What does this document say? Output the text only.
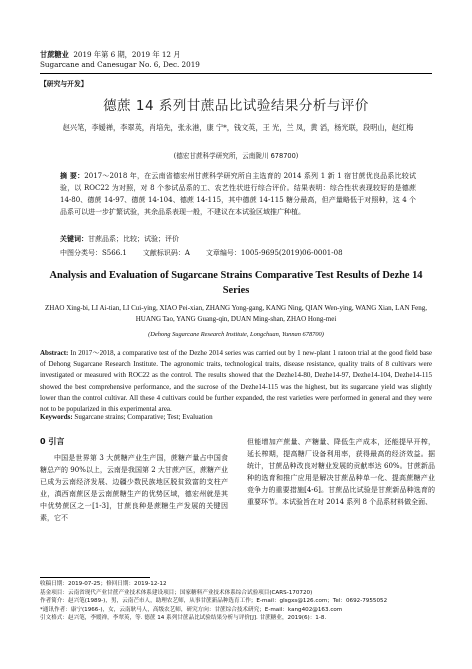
甘蔗糖业 2019 年第 6 期，2019 年 12 月
Sugarcane and Canesugar No. 6, Dec. 2019
【研究与开发】
德蔗 14 系列甘蔗品比试验结果分析与评价
赵兴笔，李嫒禅，李翠英，肖培先，张永港，康 宁*，钱文英，王 光，兰 凤，黄 滔，杨光联，段明山，赵红梅
(德宏甘蔗科学研究所，云南陇川 678700)
摘 要：2017～2018 年，在云南省德宏州甘蔗科学研究所自主选育的 2014 系列 1 新 1 宿甘蔗优良品系比较试验，以 ROC22 为对照，对 8 个参试品系的工、农艺性状进行综合评价。结果表明：综合性状表现较好的是德蔗 14-80、德蔗 14-97、德蔗 14-104、德蔗 14-115，其中德蔗 14-115 糖分最高，但产量略低于对照种，这 4 个品系可以进一步扩繁试验，其余品系表现一般，不建议在本试验区域推广种植。
关键词：甘蔗品系；比较；试验；评价
中图分类号：S566.1 文献标识码：A 文章编号：1005-9695(2019)06-0001-08
Analysis and Evaluation of Sugarcane Strains Comparative Test Results of Dezhe 14 Series
ZHAO Xing-bi, LI Ai-tian, LI Cui-ying, XIAO Pei-xian, ZHANG Yong-gang, KANG Ning, QIAN Wen-ying, WANG Xian, LAN Feng, HUANG Tao, YANG Guang-qin, DUAN Ming-shan, ZHAO Hong-mei
(Dehong Sugarcane Research Institute, Longchuan, Yunnan 678700)
Abstract: In 2017～2018, a comparative test of the Dezhe 2014 series was carried out by 1 new-plant 1 ratoon trial at the good field base of Dehong Sugarcane Research Institute. The agronomic traits, technological traits, disease resistance, quality traits of 8 cultivars were investigated or measured with ROC22 as the control. The results showed that the Dezhe14-80, Dezhe14-97, Dezhe14-104, Dezhe14-115 showed the best comprehensive performance, and the sucrose of the Dezhe14-115 was the highest, but its sugarcane yield was slightly lower than the control cultivar. All these 4 cultivars could be further expanded, the rest varieties were performed in general and they were not to be popularized in this experimental area.
Keywords: Sugarcane strains; Comparative; Test; Evaluation
0 引言
中国是世界第 3 大蔗糖产业生产国，蔗糖产量占中国食糖总产的 90%以上，云南是我国第 2 大甘蔗产区，蔗糖产业已成为云南经济发展、边疆少数民族地区脱贫致富的支柱产业，滇西南蔗区是云南蔗糖生产的优势区域，德宏州就是其中优势蔗区之一[1-3]，甘蔗良种是蔗糖生产发展的关键因素，它不
但能增加产蔗量、产糖量、降低生产成本，还能提早开榨，延长榨期，提高糖厂设备利用率，获得最高的经济效益。据统计，甘蔗品种改良对糖业发展的贡献率达 60%。甘蔗新品种的选育和推广应用是解决甘蔗品种单一化、提高蔗糖产业竞争力的重要措施[4-6]。甘蔗品比试验是甘蔗新品种选育的重要环节。本试验旨在对 2014 系列 8 个品系材料做全面、
收稿日期：2019-07-25；修回日期：2019-12-12
基金项目：云南省现代产业甘蔗产业技术体系建设项目；国家糖料产业技术体系综合试验项目(CARS-170720)
作者简介：赵兴笔(1989-)，男，云南芒市人，助理农艺师，从事甘蔗新品种选育工作；E-mail：glsgxs@126.com；Tel：0692-7955052
*通讯作者：康宁(1966-)，女，云南耿马人，高级农艺师，研究方向：甘蔗综合技术研究；E-mail：kang402@163.com
引文格式：赵兴笔，李嫒禅，李翠英，等. 德蔗 14 系列甘蔗品比试验结果分析与评价[J]. 甘蔗糖业，2019(6)：1-8.
